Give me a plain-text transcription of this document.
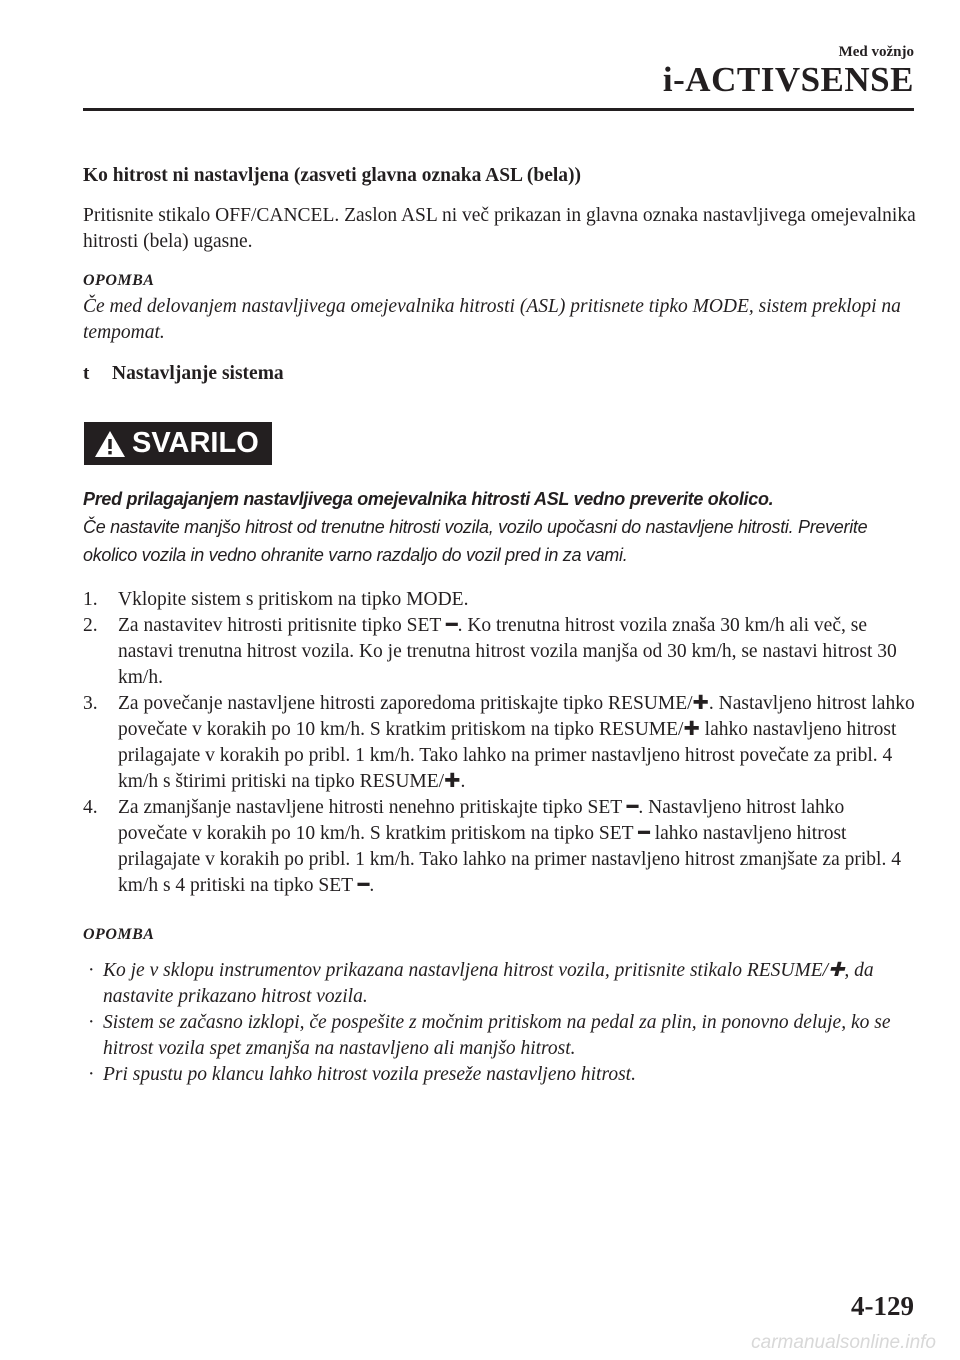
Med vožnjo
i-ACTIVSENSE
Ko hitrost ni nastavljena (zasveti glavna oznaka ASL (bela))
Pritisnite stikalo OFF/CANCEL. Zaslon ASL ni več prikazan in glavna oznaka nastavljivega omejevalnika hitrosti (bela) ugasne.
OPOMBA
Če med delovanjem nastavljivega omejevalnika hitrosti (ASL) pritisnete tipko MODE, sistem preklopi na tempomat.
t Nastavljanje sistema
SVARILO
Pred prilagajanjem nastavljivega omejevalnika hitrosti ASL vedno preverite okolico.
Če nastavite manjšo hitrost od trenutne hitrosti vozila, vozilo upočasni do nastavljene hitrosti. Preverite okolico vozila in vedno ohranite varno razdaljo do vozil pred in za vami.
1. Vklopite sistem s pritiskom na tipko MODE.
2. Za nastavitev hitrosti pritisnite tipko SET ━. Ko trenutna hitrost vozila znaša 30 km/h ali več, se nastavi trenutna hitrost vozila. Ko je trenutna hitrost vozila manjša od 30 km/h, se nastavi hitrost 30 km/h.
3. Za povečanje nastavljene hitrosti zaporedoma pritiskajte tipko RESUME/✚. Nastavljeno hitrost lahko povečate v korakih po 10 km/h. S kratkim pritiskom na tipko RESUME/✚ lahko nastavljeno hitrost prilagajate v korakih po pribl. 1 km/h. Tako lahko na primer nastavljeno hitrost povečate za pribl. 4 km/h s štirimi pritiski na tipko RESUME/✚.
4. Za zmanjšanje nastavljene hitrosti nenehno pritiskajte tipko SET ━. Nastavljeno hitrost lahko povečate v korakih po 10 km/h. S kratkim pritiskom na tipko SET ━ lahko nastavljeno hitrost prilagajate v korakih po pribl. 1 km/h. Tako lahko na primer nastavljeno hitrost zmanjšate za pribl. 4 km/h s 4 pritiski na tipko SET ━.
OPOMBA
· Ko je v sklopu instrumentov prikazana nastavljena hitrost vozila, pritisnite stikalo RESUME/✚, da nastavite prikazano hitrost vozila.
· Sistem se začasno izklopi, če pospešite z močnim pritiskom na pedal za plin, in ponovno deluje, ko se hitrost vozila spet zmanjša na nastavljeno ali manjšo hitrost.
· Pri spustu po klancu lahko hitrost vozila preseže nastavljeno hitrost.
4-129
carmanualsonline.info
